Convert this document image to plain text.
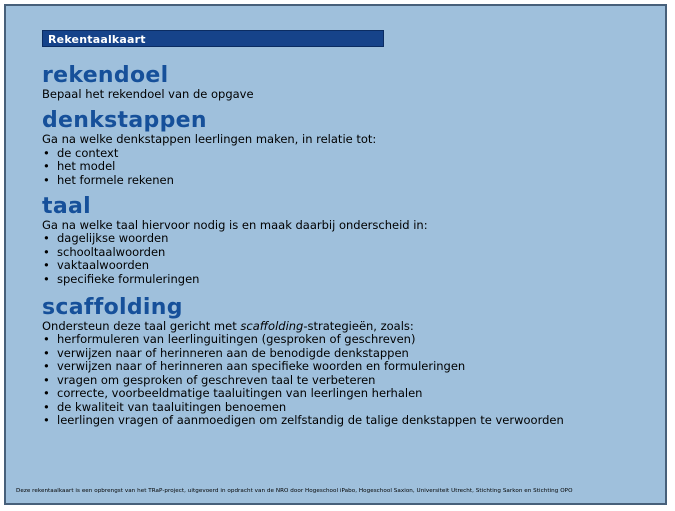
Rekentaalkaart
rekendoel

Bepaal het rekendoel van de opgave

denkstappen

Ga na welke denkstappen leerlingen maken, in relatie tot:

• de context
• het model
• het formele rekenen
taal

Ga na welke taal hiervoor nodig is en maak daarbij onderscheid in:

• dagelijkse woorden
• schooltaalwoorden
• vaktaalwoorden
• specifieke formuleringen
scaffolding

Ondersteun deze taal gericht met scaffolding-strategieën, zoals:

• herformuleren van leerlinguitingen (gesproken of geschreven)
• verwijzen naar of herinneren aan de benodigde denkstappen
• verwijzen naar of herinneren aan specifieke woorden en formuleringen
• vragen om gesproken of geschreven taal te verbeteren
• correcte, voorbeeldmatige taaluitingen van leerlingen herhalen
• de kwaliteit van taaluitingen benoemen
• leerlingen vragen of aanmoedigen om zelfstandig de talige denkstappen te verwoorden
Deze rekentaalkaart is een opbrengst van het TRaP-project, uitgevoerd in opdracht van de NRO door Hogeschool iPabo, Hogeschool Saxion, Universiteit Utrecht, Stichting Sarkon en Stichting OPO
